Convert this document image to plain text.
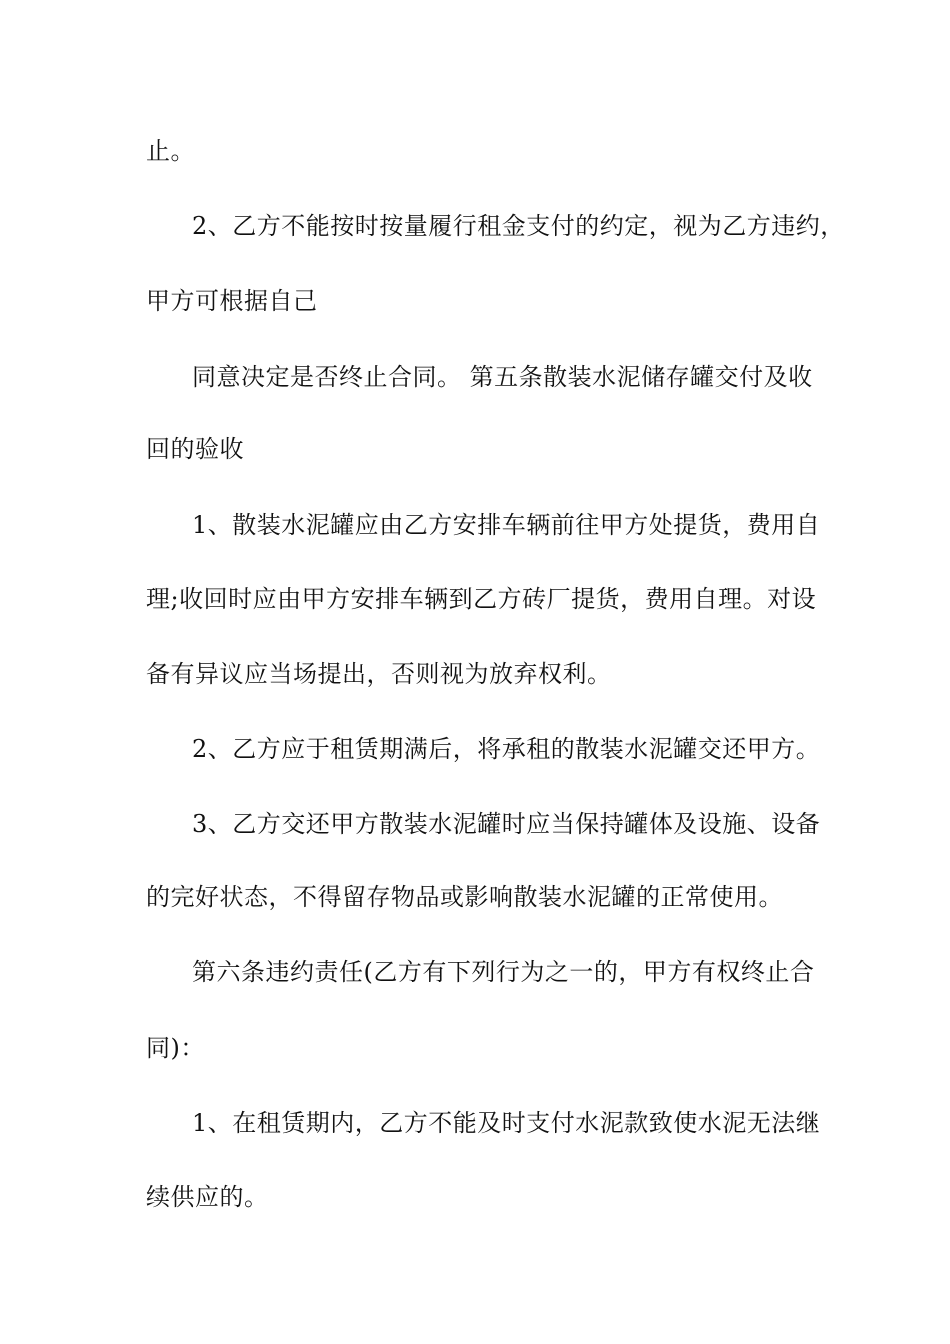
止。
2、乙方不能按时按量履行租金支付的约定，视为乙方违约，
甲方可根据自己
同意决定是否终止合同。 第五条散装水泥储存罐交付及收
回的验收
1、散装水泥罐应由乙方安排车辆前往甲方处提货，费用自
理;收回时应由甲方安排车辆到乙方砖厂提货，费用自理。对设
备有异议应当场提出，否则视为放弃权利。
2、乙方应于租赁期满后，将承租的散装水泥罐交还甲方。
3、乙方交还甲方散装水泥罐时应当保持罐体及设施、设备
的完好状态，不得留存物品或影响散装水泥罐的正常使用。
第六条违约责任(乙方有下列行为之一的，甲方有权终止合
同)：
1、在租赁期内，乙方不能及时支付水泥款致使水泥无法继
续供应的。
